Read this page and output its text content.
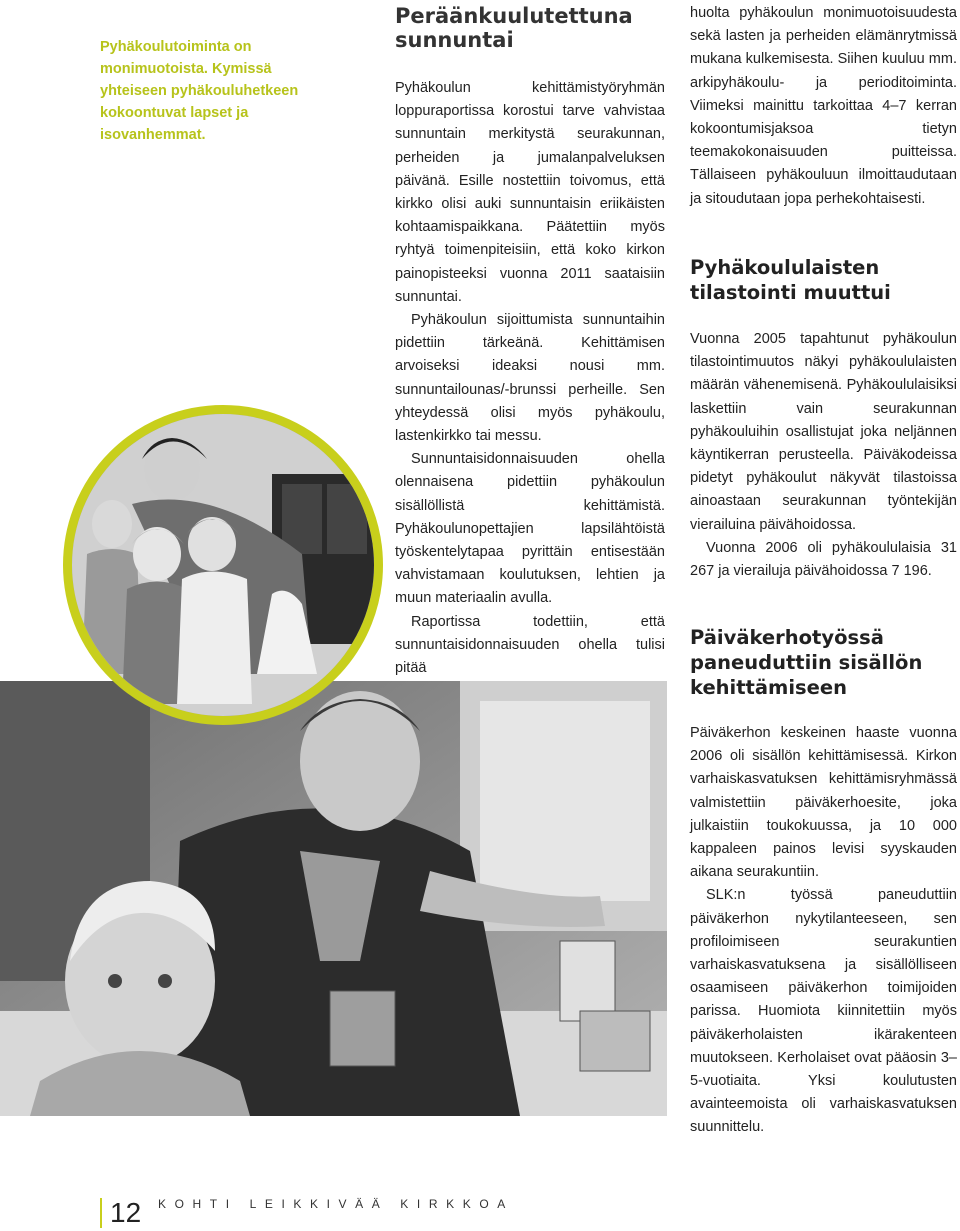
Pyhäkoulutoiminta on monimuotoista. Kymissä yhteiseen pyhäkouluhetkeen kokoontuvat lapset ja isovanhemmat.
Peräänkuulutettuna sunnuntai

Pyhäkoulun kehittämistyöryhmän loppuraportissa korostui tarve vahvistaa sunnuntain merkitystä seurakunnan, perheiden ja jumalanpalveluksen päivänä. Esille nostettiin toivomus, että kirkko olisi auki sunnuntaisin eriikäisten kohtaamispaikkana. Päätettiin myös ryhtyä toimenpiteisiin, että koko kirkon painopisteeksi vuonna 2011 saataisiin sunnuntai.

Pyhäkoulun sijoittumista sunnuntaihin pidettiin tärkeänä. Kehittämisen arvoiseksi ideaksi nousi mm. sunnuntailounas/-brunssi perheille. Sen yhteydessä olisi myös pyhäkoulu, lastenkirkko tai messu.

Sunnuntaisidonnaisuuden ohella olennaisena pidettiin pyhäkoulun sisällöllistä kehittämistä. Pyhäkoulunopettajien lapsilähtöistä työskentelytapaa pyrittäin entisestään vahvistamaan koulutuksen, lehtien ja muun materiaalin avulla.

Raportissa todettiin, että sunnuntaisidonnaisuuden ohella tulisi pitää

huolta pyhäkoulun monimuotoisuudesta sekä lasten ja perheiden elämänrytmissä mukana kulkemisesta. Siihen kuuluu mm. arkipyhäkoulu- ja perioditoiminta. Viimeksi mainittu tarkoittaa 4–7 kerran kokoontumisjaksoa tietyn teemakokonaisuuden puitteissa. Tällaiseen pyhäkouluun ilmoittaudutaan ja sitoudutaan jopa perhekohtaisesti.

Pyhäkoululaisten tilastointi muuttui

Vuonna 2005 tapahtunut pyhäkoulun tilastointimuutos näkyi pyhäkoululaisten määrän vähenemisenä. Pyhäkoululaisiksi laskettiin vain seurakunnan pyhäkouluihin osallistujat joka neljännen käyntikerran perusteella. Päiväkodeissa pidetyt pyhäkoulut näkyvät tilastoissa ainoastaan seurakunnan työntekijän vierailuina päivähoidossa.

Vuonna 2006 oli pyhäkoululaisia 31 267 ja vierailuja päivähoidossa 7 196.

Päiväkerhotyössä paneuduttiin sisällön kehittämiseen

Päiväkerhon keskeinen haaste vuonna 2006 oli sisällön kehittämisessä. Kirkon varhaiskasvatuksen kehittämisryhmässä valmistettiin päiväkerhoesite, joka julkaistiin toukokuussa, ja 10 000 kappaleen painos levisi syyskauden aikana seurakuntiin.

SLK:n työssä paneuduttiin päiväkerhon nykytilanteeseen, sen profiloimiseen seurakuntien varhaiskasvatuksena ja sisällölliseen osaamiseen päiväkerhon toimijoiden parissa. Huomiota kiinnitettiin myös päiväkerholaisten ikärakenteen muutokseen. Kerholaiset ovat pääosin 3–5-vuotiaita. Yksi koulutusten avainteemoista oli varhaiskasvatuksen suunnittelu.

12 KOHTI LEIKKIVÄÄ KIRKKOA
